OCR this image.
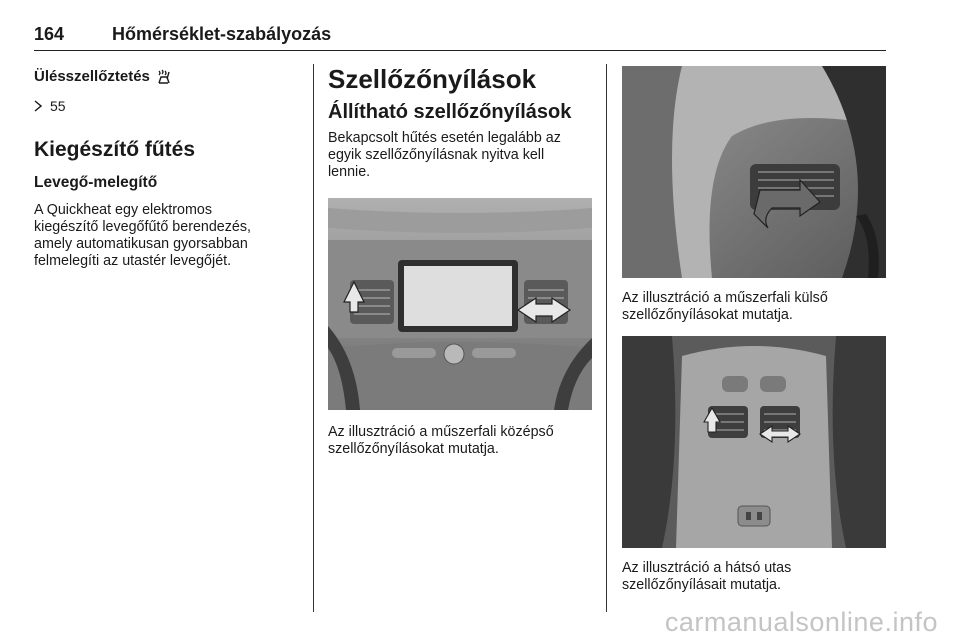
164	Hőmérséklet-szabályozás
Ülésszellőztetés
55
Kiegészítő fűtés
Levegő-melegítő
A Quickheat egy elektromos
kiegészítő levegőfűtő berendezés,
amely automatikusan gyorsabban
felmelegíti az utastér levegőjét.
Szellőzőnyílások
Állítható szellőzőnyílások
Bekapcsolt hűtés esetén legalább az
egyik szellőzőnyílásnak nyitva kell
lennie.
Az illusztráció a műszerfali középső
szellőzőnyílásokat mutatja.
Az illusztráció a műszerfali külső
szellőzőnyílásokat mutatja.
Az illusztráció a hátsó utas
szellőzőnyílásait mutatja.
carmanualsonline.info
